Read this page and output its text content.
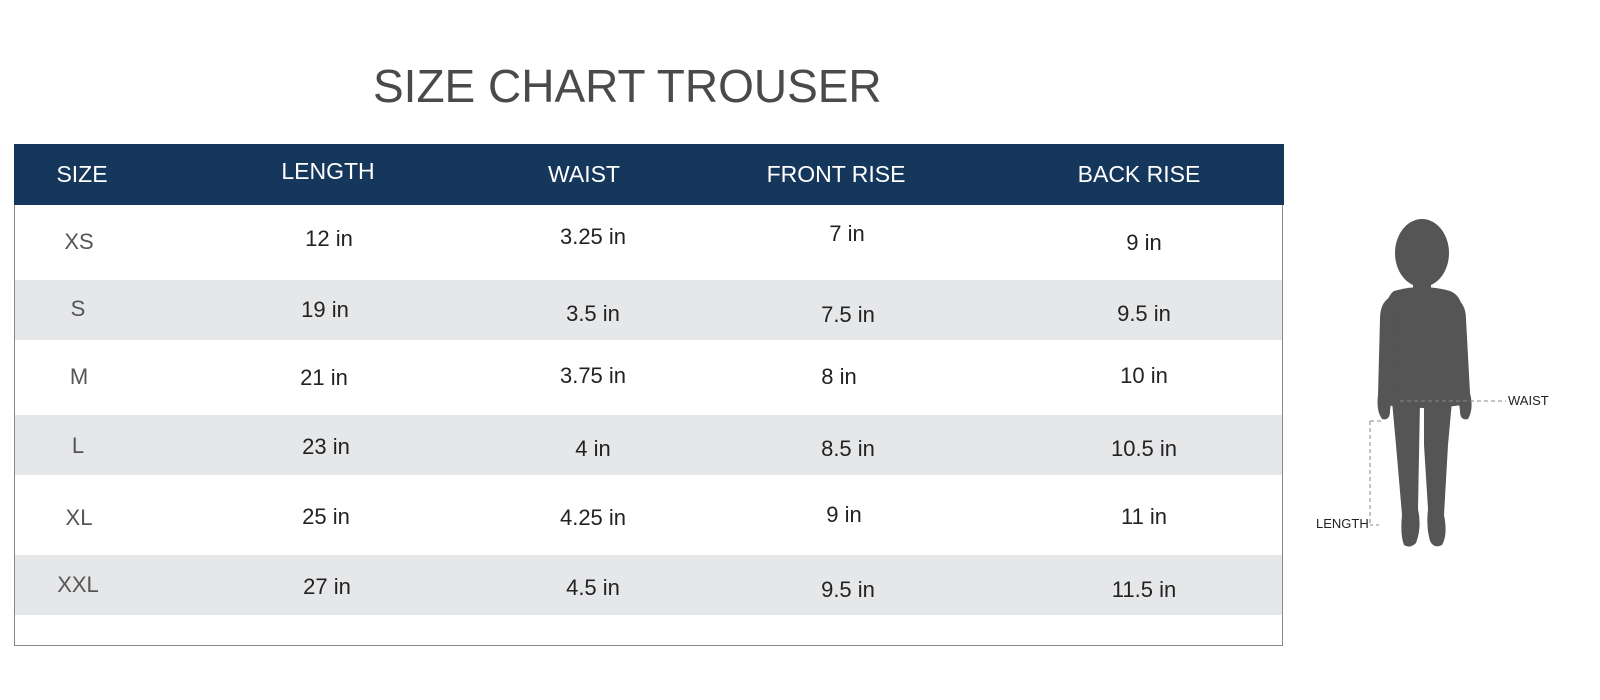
SIZE CHART TROUSER
SIZE	LENGTH	WAIST	FRONT RISE	BACK RISE
XS	12 in	3.25 in	7 in	9 in
S	19 in	3.5 in	7.5 in	9.5 in
M	21 in	3.75 in	8 in	10 in
L	23 in	4 in	8.5 in	10.5 in
XL	25 in	4.25 in	9 in	11 in
XXL	27 in	4.5 in	9.5 in	11.5 in
WAIST
LENGTH
